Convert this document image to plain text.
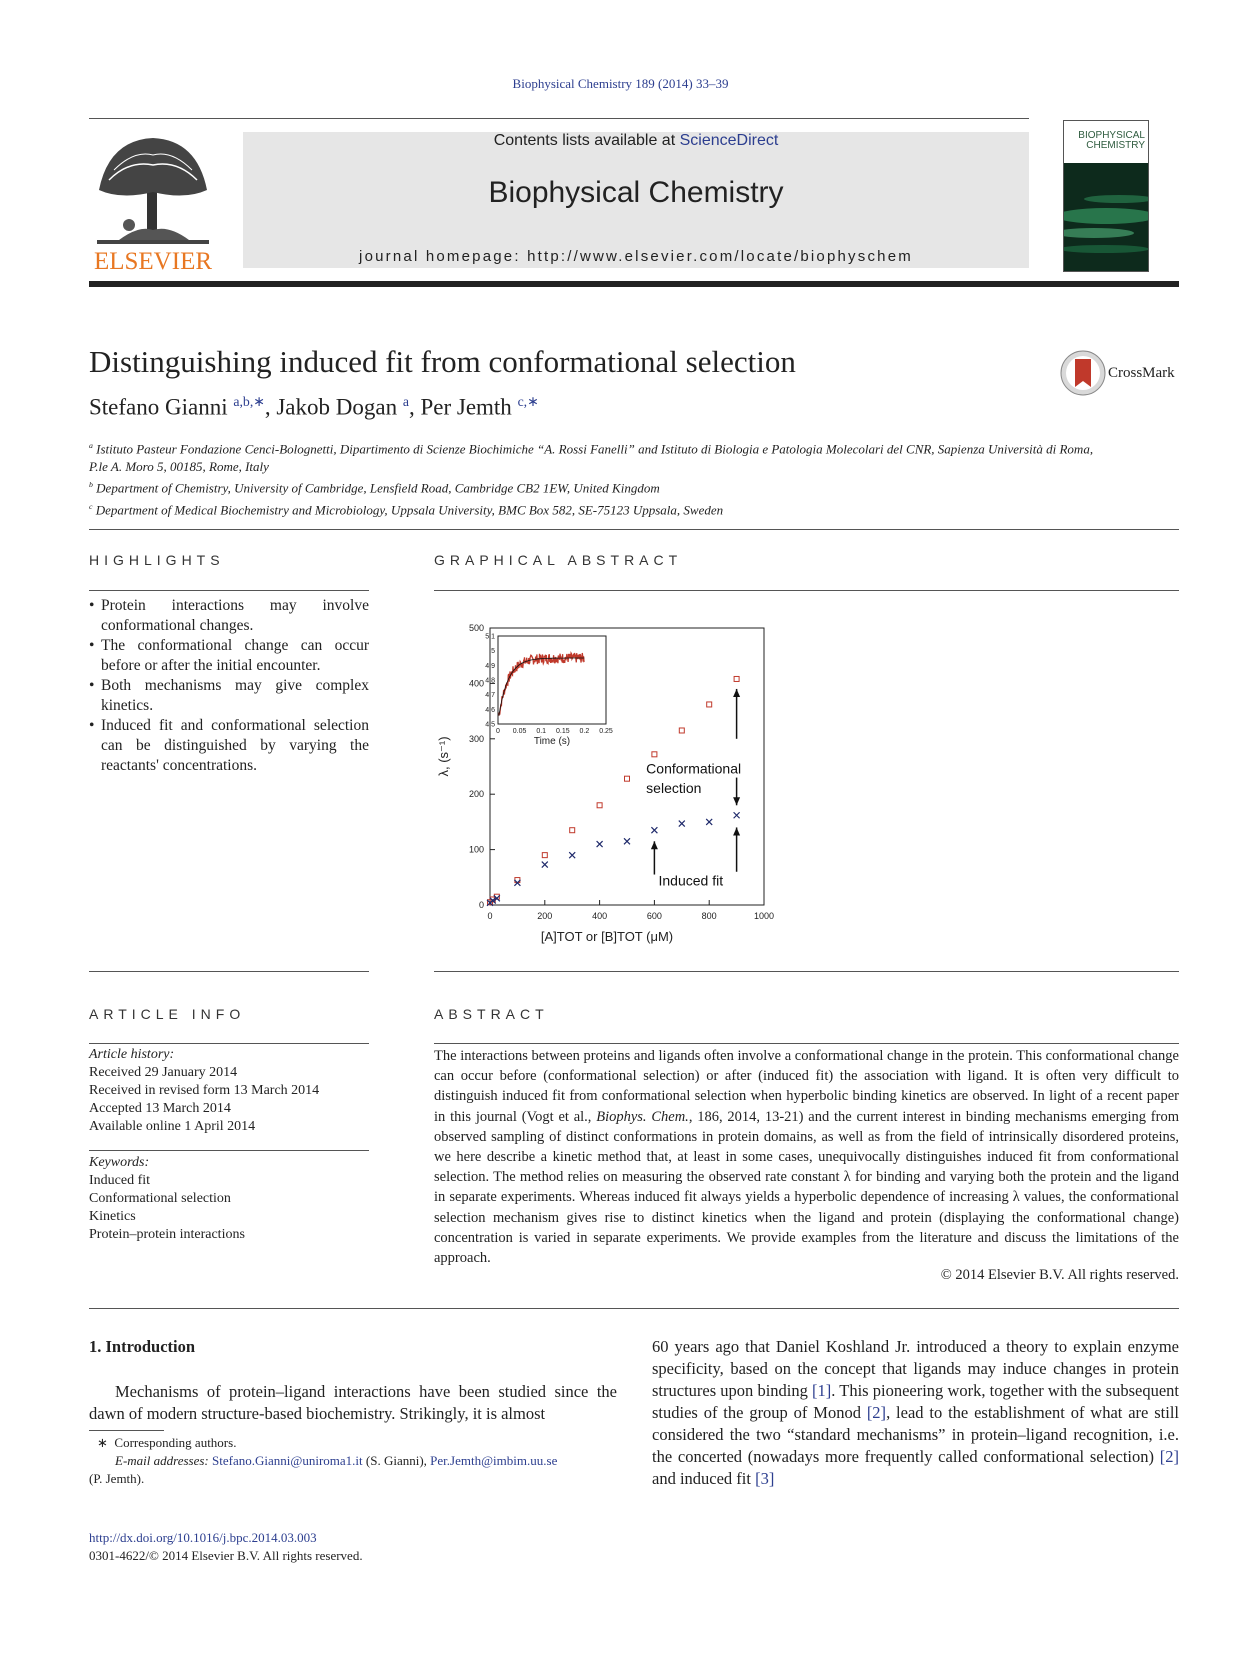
Biophysical Chemistry 189 (2014) 33–39
ELSEVIER
Contents lists available at ScienceDirect
Biophysical Chemistry
journal homepage: http://www.elsevier.com/locate/biophyschem
BIOPHYSICAL
CHEMISTRY
Distinguishing induced fit from conformational selection	CrossMark
Stefano Gianni $^{a,b,∗}$, Jakob Dogan $^a$, Per Jemth $^{c,∗}$
$^a$ Istituto Pasteur Fondazione Cenci-Bolognetti, Dipartimento di Scienze Biochimiche “A. Rossi Fanelli” and Istituto di Biologia e Patologia Molecolari del CNR, Sapienza Università di Roma,
P.le A. Moro 5, 00185, Rome, Italy
$^b$ Department of Chemistry, University of Cambridge, Lensfield Road, Cambridge CB2 1EW, United Kingdom
$^c$ Department of Medical Biochemistry and Microbiology, Uppsala University, BMC Box 582, SE-75123 Uppsala, Sweden
HIGHLIGHTS
• Protein interactions may involve conformational changes.
• The conformational change can occur before or after the initial encounter.
• Both mechanisms may give complex kinetics.
• Induced fit and conformational selection can be distinguished by varying the reactants' concentrations.
GRAPHICAL ABSTRACT
0	200	400	600	800	1000
0
100
200
300
400
500
[A]TOT or [B]TOT (μM)
λ, (s⁻¹)	Conformational
selection
Induced fit
0 0.05 0.1 0.15 0.2 0.25
4.5
4.6
4.7
4.8
4.9
5
5.1
Time (s)
ARTICLE INFO
Article history:
Received 29 January 2014
Received in revised form 13 March 2014
Accepted 13 March 2014
Available online 1 April 2014
Keywords:
Induced fit
Conformational selection
Kinetics
Protein–protein interactions
ABSTRACT
The interactions between proteins and ligands often involve a conformational change in the protein. This conformational change can occur before (conformational selection) or after (induced fit) the association with ligand. It is often very difficult to distinguish induced fit from conformational selection when hyperbolic binding kinetics are observed. In light of a recent paper in this journal (Vogt et al., Biophys. Chem., 186, 2014, 13-21) and the current interest in binding mechanisms emerging from observed sampling of distinct conformations in protein domains, as well as from the field of intrinsically disordered proteins, we here describe a kinetic method that, at least in some cases, unequivocally distinguishes induced fit from conformational selection. The method relies on measuring the observed rate constant λ for binding and varying both the protein and the ligand in separate experiments. Whereas induced fit always yields a hyperbolic dependence of increasing λ values, the conformational selection mechanism gives rise to distinct kinetics when the ligand and protein (displaying the conformational change) concentration is varied in separate experiments. We provide examples from the literature and discuss the limitations of the approach.
© 2014 Elsevier B.V. All rights reserved.
1. Introduction
Mechanisms of protein–ligand interactions have been studied since the dawn of modern structure-based biochemistry. Strikingly, it is almost
60 years ago that Daniel Koshland Jr. introduced a theory to explain enzyme specificity, based on the concept that ligands may induce changes in protein structures upon binding [1]. This pioneering work, together with the subsequent studies of the group of Monod [2], lead to the establishment of what are still considered the two “standard mechanisms” in protein–ligand recognition, i.e. the concerted (nowadays more frequently called conformational selection) [2] and induced fit [3]
∗ Corresponding authors.
E-mail addresses: Stefano.Gianni@uniroma1.it (S. Gianni), Per.Jemth@imbim.uu.se
(P. Jemth).
http://dx.doi.org/10.1016/j.bpc.2014.03.003
0301-4622/© 2014 Elsevier B.V. All rights reserved.
